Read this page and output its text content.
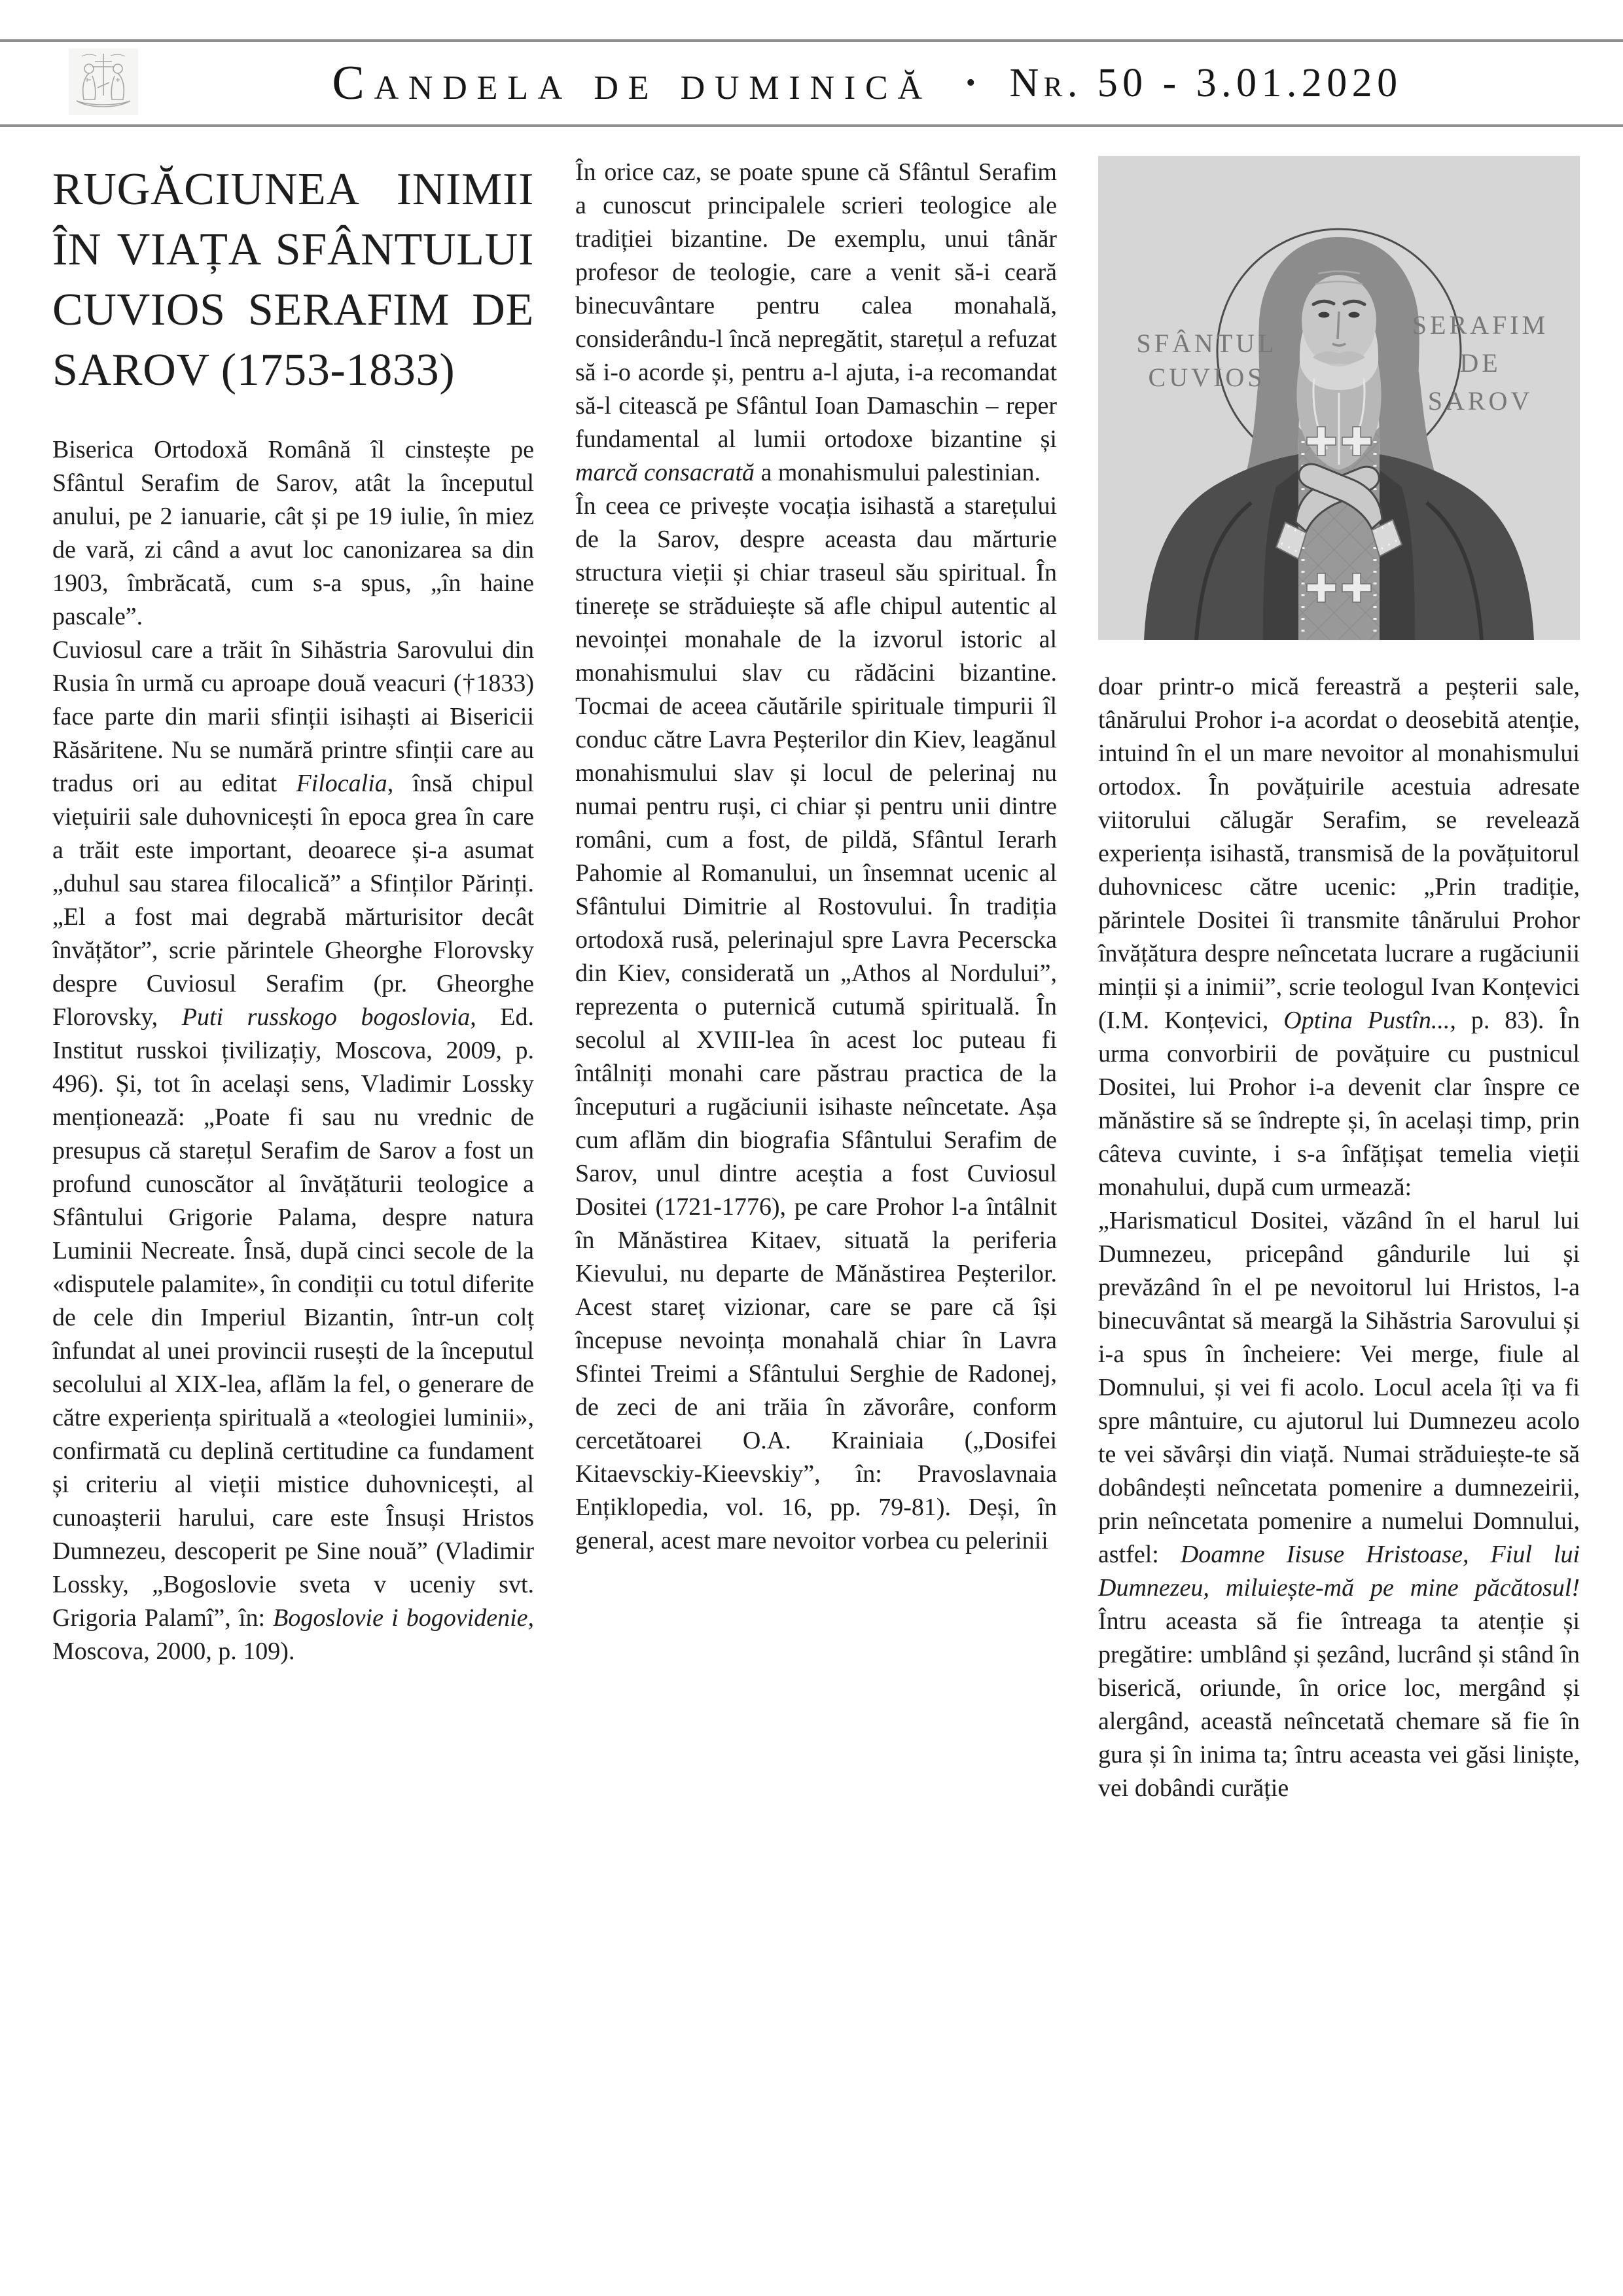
Candela de duminică • Nr. 50 - 3.01.2020
RUGĂCIUNEA INIMII ÎN VIAȚA SFÂNTULUI CUVIOS SERAFIM DE SAROV (1753-1833)

Biserica Ortodoxă Română îl cinstește pe Sfântul Serafim de Sarov, atât la începutul anului, pe 2 ianuarie, cât și pe 19 iulie, în miez de vară, zi când a avut loc canonizarea sa din 1903, îmbrăcată, cum s-a spus, „în haine pascale”.

Cuviosul care a trăit în Sihăstria Sarovului din Rusia în urmă cu aproape două veacuri (†1833) face parte din marii sfinții isihaști ai Bisericii Răsăritene. Nu se numără printre sfinții care au tradus ori au editat Filocalia, însă chipul viețuirii sale duhovnicești în epoca grea în care a trăit este important, deoarece și-a asumat „duhul sau starea filocalică” a Sfinților Părinți. „El a fost mai degrabă mărturisitor decât învățător”, scrie părintele Gheorghe Florovsky despre Cuviosul Serafim (pr. Gheorghe Florovsky, Puti russkogo bogoslovia, Ed. Institut russkoi țivilizațiy, Moscova, 2009, p. 496). Și, tot în același sens, Vladimir Lossky menționează: „Poate fi sau nu vrednic de presupus că starețul Serafim de Sarov a fost un profund cunoscător al învățăturii teologice a Sfântului Grigorie Palama, despre natura Luminii Necreate. Însă, după cinci secole de la «disputele palamite», în condiții cu totul diferite de cele din Imperiul Bizantin, într-un colț înfundat al unei provincii rusești de la începutul secolului al XIX-lea, aflăm la fel, o generare de către experiența spirituală a «teologiei luminii», confirmată cu deplină certitudine ca fundament și criteriu al vieții mistice duhovnicești, al cunoașterii harului, care este Însuși Hristos Dumnezeu, descoperit pe Sine nouă” (Vladimir Lossky, „Bogoslovie sveta v uceniy svt. Grigoria Palamî”, în: Bogoslovie i bogovidenie, Moscova, 2000, p. 109).

În orice caz, se poate spune că Sfântul Serafim a cunoscut principalele scrieri teologice ale tradiției bizantine. De exemplu, unui tânăr profesor de teologie, care a venit să-i ceară binecuvântare pentru calea monahală, considerându-l încă nepregătit, starețul a refuzat să i-o acorde și, pentru a-l ajuta, i-a recomandat să-l citească pe Sfântul Ioan Damaschin – reper fundamental al lumii ortodoxe bizantine și marcă consacrată a monahismului palestinian.

În ceea ce privește vocația isihastă a starețului de la Sarov, despre aceasta dau mărturie structura vieții și chiar traseul său spiritual. În tinerețe se străduiește să afle chipul autentic al nevoinței monahale de la izvorul istoric al monahismului slav cu rădăcini bizantine. Tocmai de aceea căutările spirituale timpurii îl conduc către Lavra Peșterilor din Kiev, leagănul monahismului slav și locul de pelerinaj nu numai pentru ruși, ci chiar și pentru unii dintre români, cum a fost, de pildă, Sfântul Ierarh Pahomie al Romanului, un însemnat ucenic al Sfântului Dimitrie al Rostovului. În tradiția ortodoxă rusă, pelerinajul spre Lavra Pecerscka din Kiev, considerată un „Athos al Nordului”, reprezenta o puternică cutumă spirituală. În secolul al XVIII-lea în acest loc puteau fi întâlniți monahi care păstrau practica de la începuturi a rugăciunii isihaste neîncetate. Așa cum aflăm din biografia Sfântului Serafim de Sarov, unul dintre aceștia a fost Cuviosul Dositei (1721-1776), pe care Prohor l-a întâlnit în Mănăstirea Kitaev, situată la periferia Kievului, nu departe de Mănăstirea Peșterilor. Acest stareț vizionar, care se pare că își începuse nevoința monahală chiar în Lavra Sfintei Treimi a Sfântului Serghie de Radonej, de zeci de ani trăia în zăvorâre, conform cercetătoarei O.A. Krainiaia („Dosifei Kitaevsckiy-Kieevskiy”, în: Pravoslavnaia Ențiklopedia, vol. 16, pp. 79-81). Deși, în general, acest mare nevoitor vorbea cu pelerinii

SFÂNTUL
CUVIOS
SERAFIM
DE
SAROV

doar printr-o mică fereastră a peșterii sale, tânărului Prohor i-a acordat o deosebită atenție, intuind în el un mare nevoitor al monahismului ortodox. În povățuirile acestuia adresate viitorului călugăr Serafim, se revelează experiența isihastă, transmisă de la povățuitorul duhovnicesc către ucenic: „Prin tradiție, părintele Dositei îi transmite tânărului Prohor învățătura despre neîncetata lucrare a rugăciunii minții și a inimii”, scrie teologul Ivan Konțevici (I.M. Konțevici, Optina Pustîn..., p. 83). În urma convorbirii de povățuire cu pustnicul Dositei, lui Prohor i-a devenit clar înspre ce mănăstire să se îndrepte și, în același timp, prin câteva cuvinte, i s-a înfățișat temelia vieții monahului, după cum urmează:

„Harismaticul Dositei, văzând în el harul lui Dumnezeu, pricepând gândurile lui și prevăzând în el pe nevoitorul lui Hristos, l-a binecuvântat să meargă la Sihăstria Sarovului și i-a spus în încheiere: Vei merge, fiule al Domnului, și vei fi acolo. Locul acela îți va fi spre mântuire, cu ajutorul lui Dumnezeu acolo te vei săvârși din viață. Numai străduiește-te să dobândești neîncetata pomenire a dumnezeirii, prin neîncetata pomenire a numelui Domnului, astfel: Doamne Iisuse Hristoase, Fiul lui Dumnezeu, miluiește-mă pe mine păcătosul! Întru aceasta să fie întreaga ta atenție și pregătire: umblând și șezând, lucrând și stând în biserică, oriunde, în orice loc, mergând și alergând, această neîncetată chemare să fie în gura și în inima ta; întru aceasta vei găsi liniște, vei dobândi curăție
